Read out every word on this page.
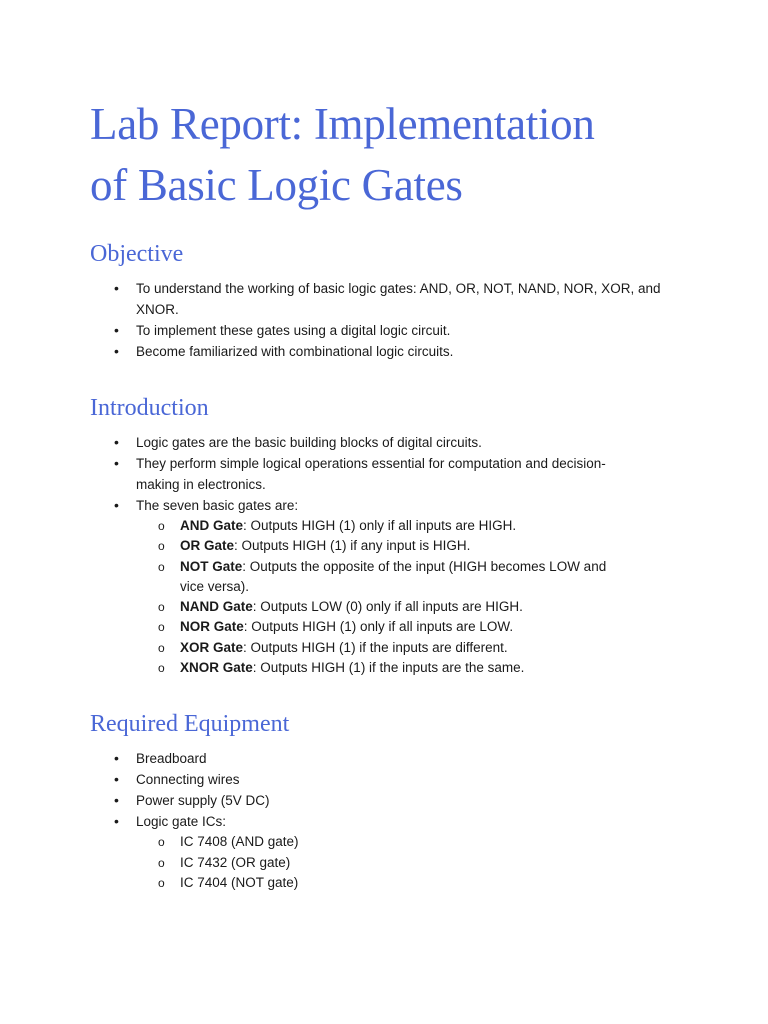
Lab Report: Implementation
of Basic Logic Gates
Objective
• To understand the working of basic logic gates: AND, OR, NOT, NAND, NOR, XOR, and XNOR.
• To implement these gates using a digital logic circuit.
• Become familiarized with combinational logic circuits.
Introduction
• Logic gates are the basic building blocks of digital circuits.
• They perform simple logical operations essential for computation and decision-making in electronics.
• The seven basic gates are:
o AND Gate: Outputs HIGH (1) only if all inputs are HIGH.
o OR Gate: Outputs HIGH (1) if any input is HIGH.
o NOT Gate: Outputs the opposite of the input (HIGH becomes LOW and vice versa).
o NAND Gate: Outputs LOW (0) only if all inputs are HIGH.
o NOR Gate: Outputs HIGH (1) only if all inputs are LOW.
o XOR Gate: Outputs HIGH (1) if the inputs are different.
o XNOR Gate: Outputs HIGH (1) if the inputs are the same.
Required Equipment
• Breadboard
• Connecting wires
• Power supply (5V DC)
• Logic gate ICs:
o IC 7408 (AND gate)
o IC 7432 (OR gate)
o IC 7404 (NOT gate)
